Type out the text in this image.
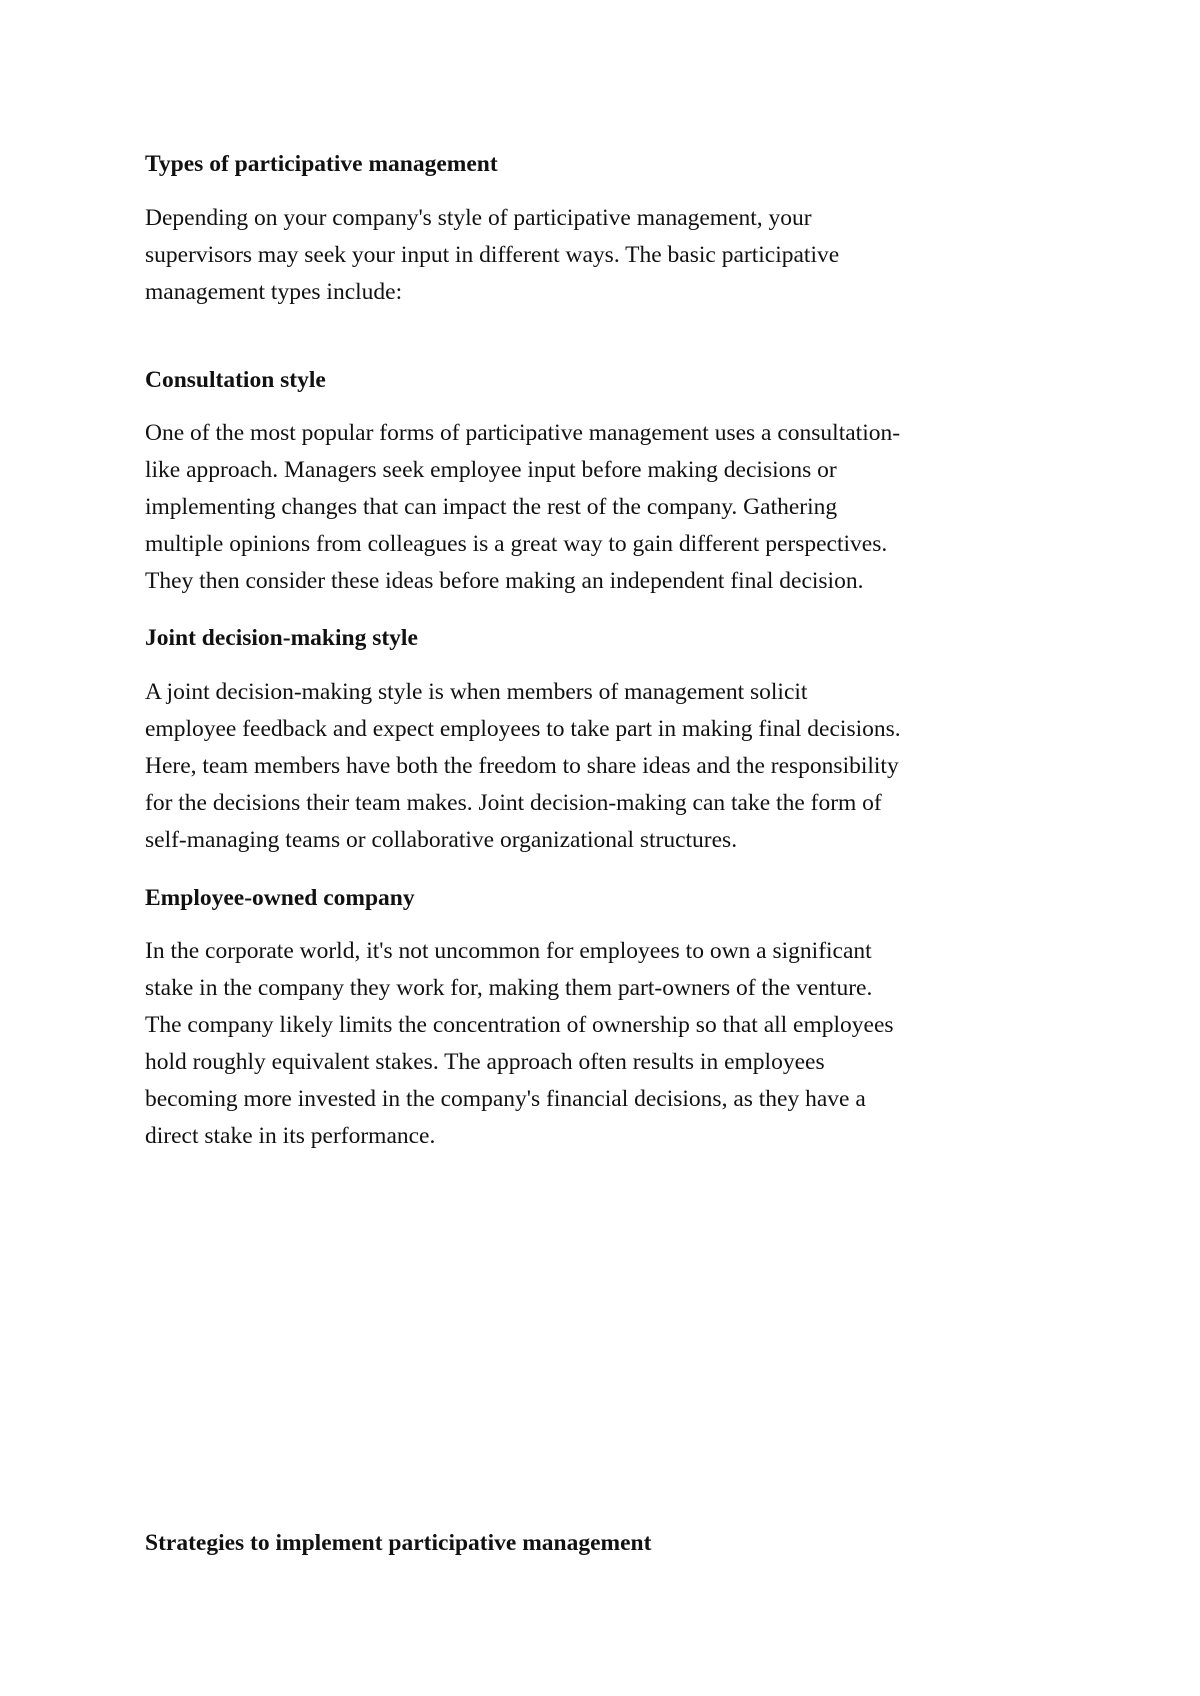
Types of participative management
Depending on your company's style of participative management, your
supervisors may seek your input in different ways. The basic participative
management types include:
Consultation style
One of the most popular forms of participative management uses a consultation-
like approach. Managers seek employee input before making decisions or
implementing changes that can impact the rest of the company. Gathering
multiple opinions from colleagues is a great way to gain different perspectives.
They then consider these ideas before making an independent final decision.
Joint decision-making style
A joint decision-making style is when members of management solicit
employee feedback and expect employees to take part in making final decisions.
Here, team members have both the freedom to share ideas and the responsibility
for the decisions their team makes. Joint decision-making can take the form of
self-managing teams or collaborative organizational structures.
Employee-owned company
In the corporate world, it's not uncommon for employees to own a significant
stake in the company they work for, making them part-owners of the venture.
The company likely limits the concentration of ownership so that all employees
hold roughly equivalent stakes. The approach often results in employees
becoming more invested in the company's financial decisions, as they have a
direct stake in its performance.
Strategies to implement participative management
